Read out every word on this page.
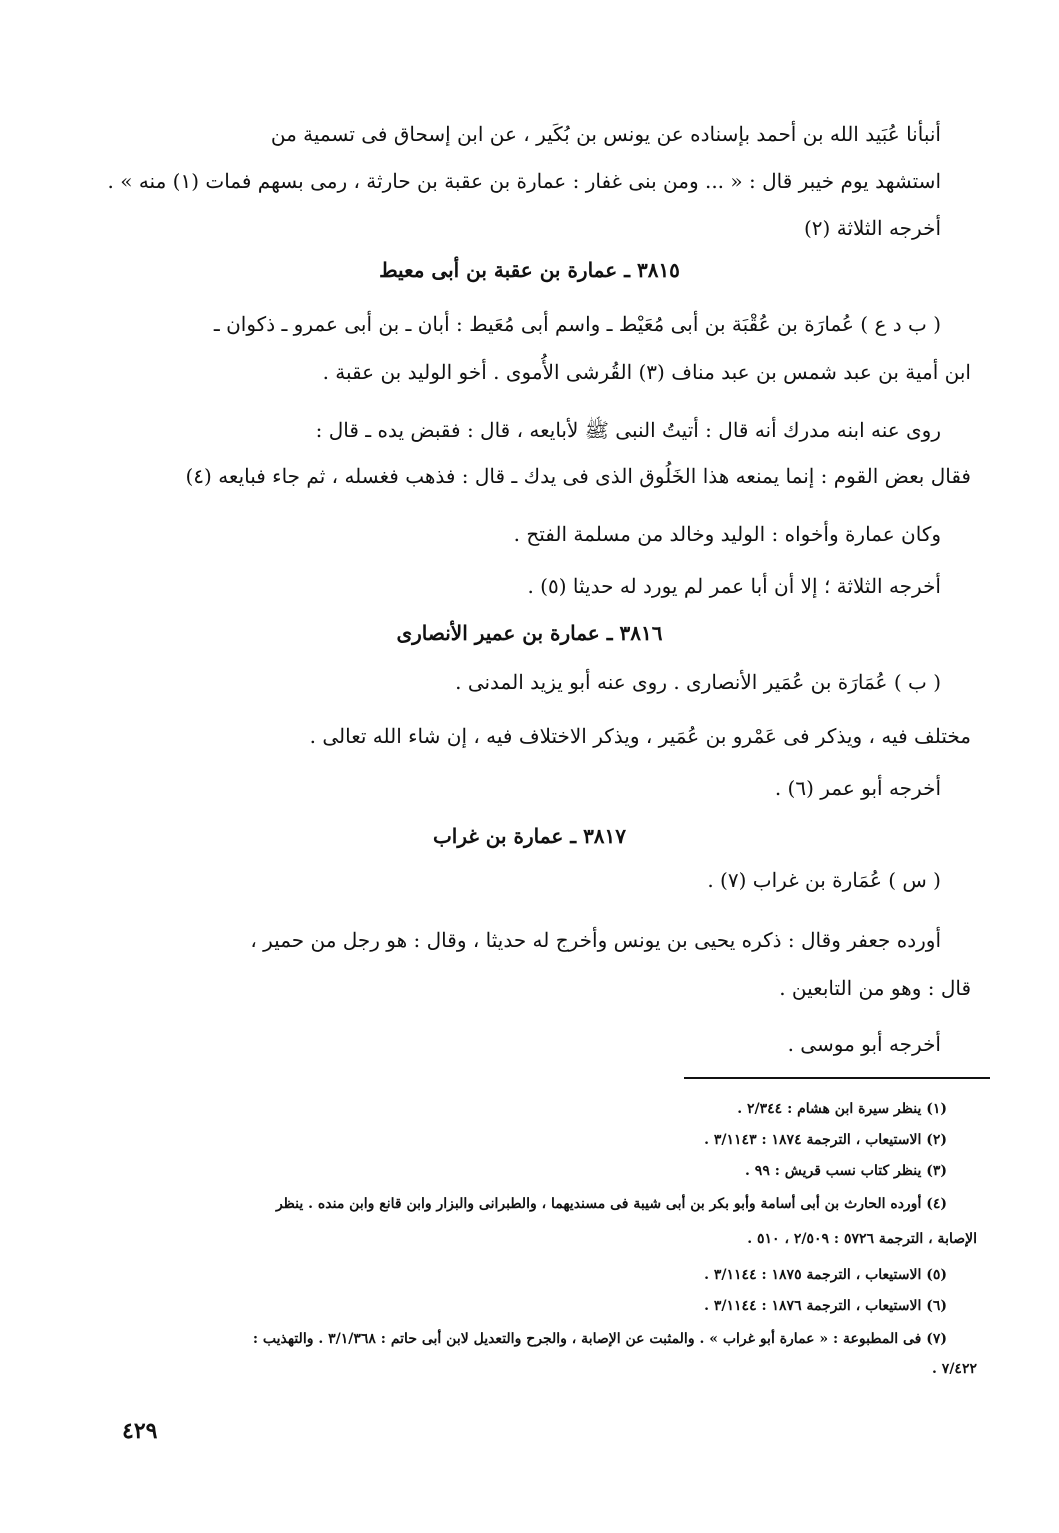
أنبأنا عُبَيد الله بن أحمد بإسناده عن يونس بن بُكَير ، عن ابن إسحاق فى تسمية من
استشهد يوم خيبر قال : « ... ومن بنى غفار : عمارة بن عقبة بن حارثة ، رمى بسهم فمات (١) منه » .
أخرجه الثلاثة (٢)
٣٨١٥ ـ عمارة بن عقبة بن أبى معيط
( ب د ع ) عُمارَة بن عُقْبَة بن أبى مُعَيْط ـ واسم أبى مُعَيط : أبان ـ بن أبى عمرو ـ ذكوان ـ
ابن أمية بن عبد شمس بن عبد مناف (٣) القُرشى الأُموى . أخو الوليد بن عقبة .
روى عنه ابنه مدرك أنه قال : أتيتُ النبى ﷺ لأبايعه ، قال : فقبض يده ـ قال :
فقال بعض القوم : إنما يمنعه هذا الخَلُوق الذى فى يدك ـ قال : فذهب فغسله ، ثم جاء فبايعه (٤)
وكان عمارة وأخواه : الوليد وخالد من مسلمة الفتح .
أخرجه الثلاثة ؛ إلا أن أبا عمر لم يورد له حديثا (٥) .
٣٨١٦ ـ عمارة بن عمير الأنصارى
( ب ) عُمَارَة بن عُمَير الأنصارى . روى عنه أبو يزيد المدنى .
مختلف فيه ، ويذكر فى عَمْرو بن عُمَير ، ويذكر الاختلاف فيه ، إن شاء الله تعالى .
أخرجه أبو عمر (٦) .
٣٨١٧ ـ عمارة بن غراب
( س ) عُمَارة بن غراب (٧) .
أورده جعفر وقال : ذكره يحيى بن يونس وأخرج له حديثا ، وقال : هو رجل من حمير ،
قال : وهو من التابعين .
أخرجه أبو موسى .
(١) ينظر سيرة ابن هشام : ٢/٣٤٤ .
(٢) الاستيعاب ، الترجمة ١٨٧٤ : ٣/١١٤٣ .
(٣) ينظر كتاب نسب قريش : ٩٩ .
(٤) أورده الحارث بن أبى أسامة وأبو بكر بن أبى شيبة فى مسنديهما ، والطبرانى والبزار وابن قانع وابن منده . ينظر
الإصابة ، الترجمة ٥٧٢٦ : ٢/٥٠٩ ، ٥١٠ .
(٥) الاستيعاب ، الترجمة ١٨٧٥ : ٣/١١٤٤ .
(٦) الاستيعاب ، الترجمة ١٨٧٦ : ٣/١١٤٤ .
(٧) فى المطبوعة : « عمارة أبو غراب » . والمثبت عن الإصابة ، والجرح والتعديل لابن أبى حاتم : ٣/١/٣٦٨ . والتهذيب :
٧/٤٢٢ .
٤٢٩
